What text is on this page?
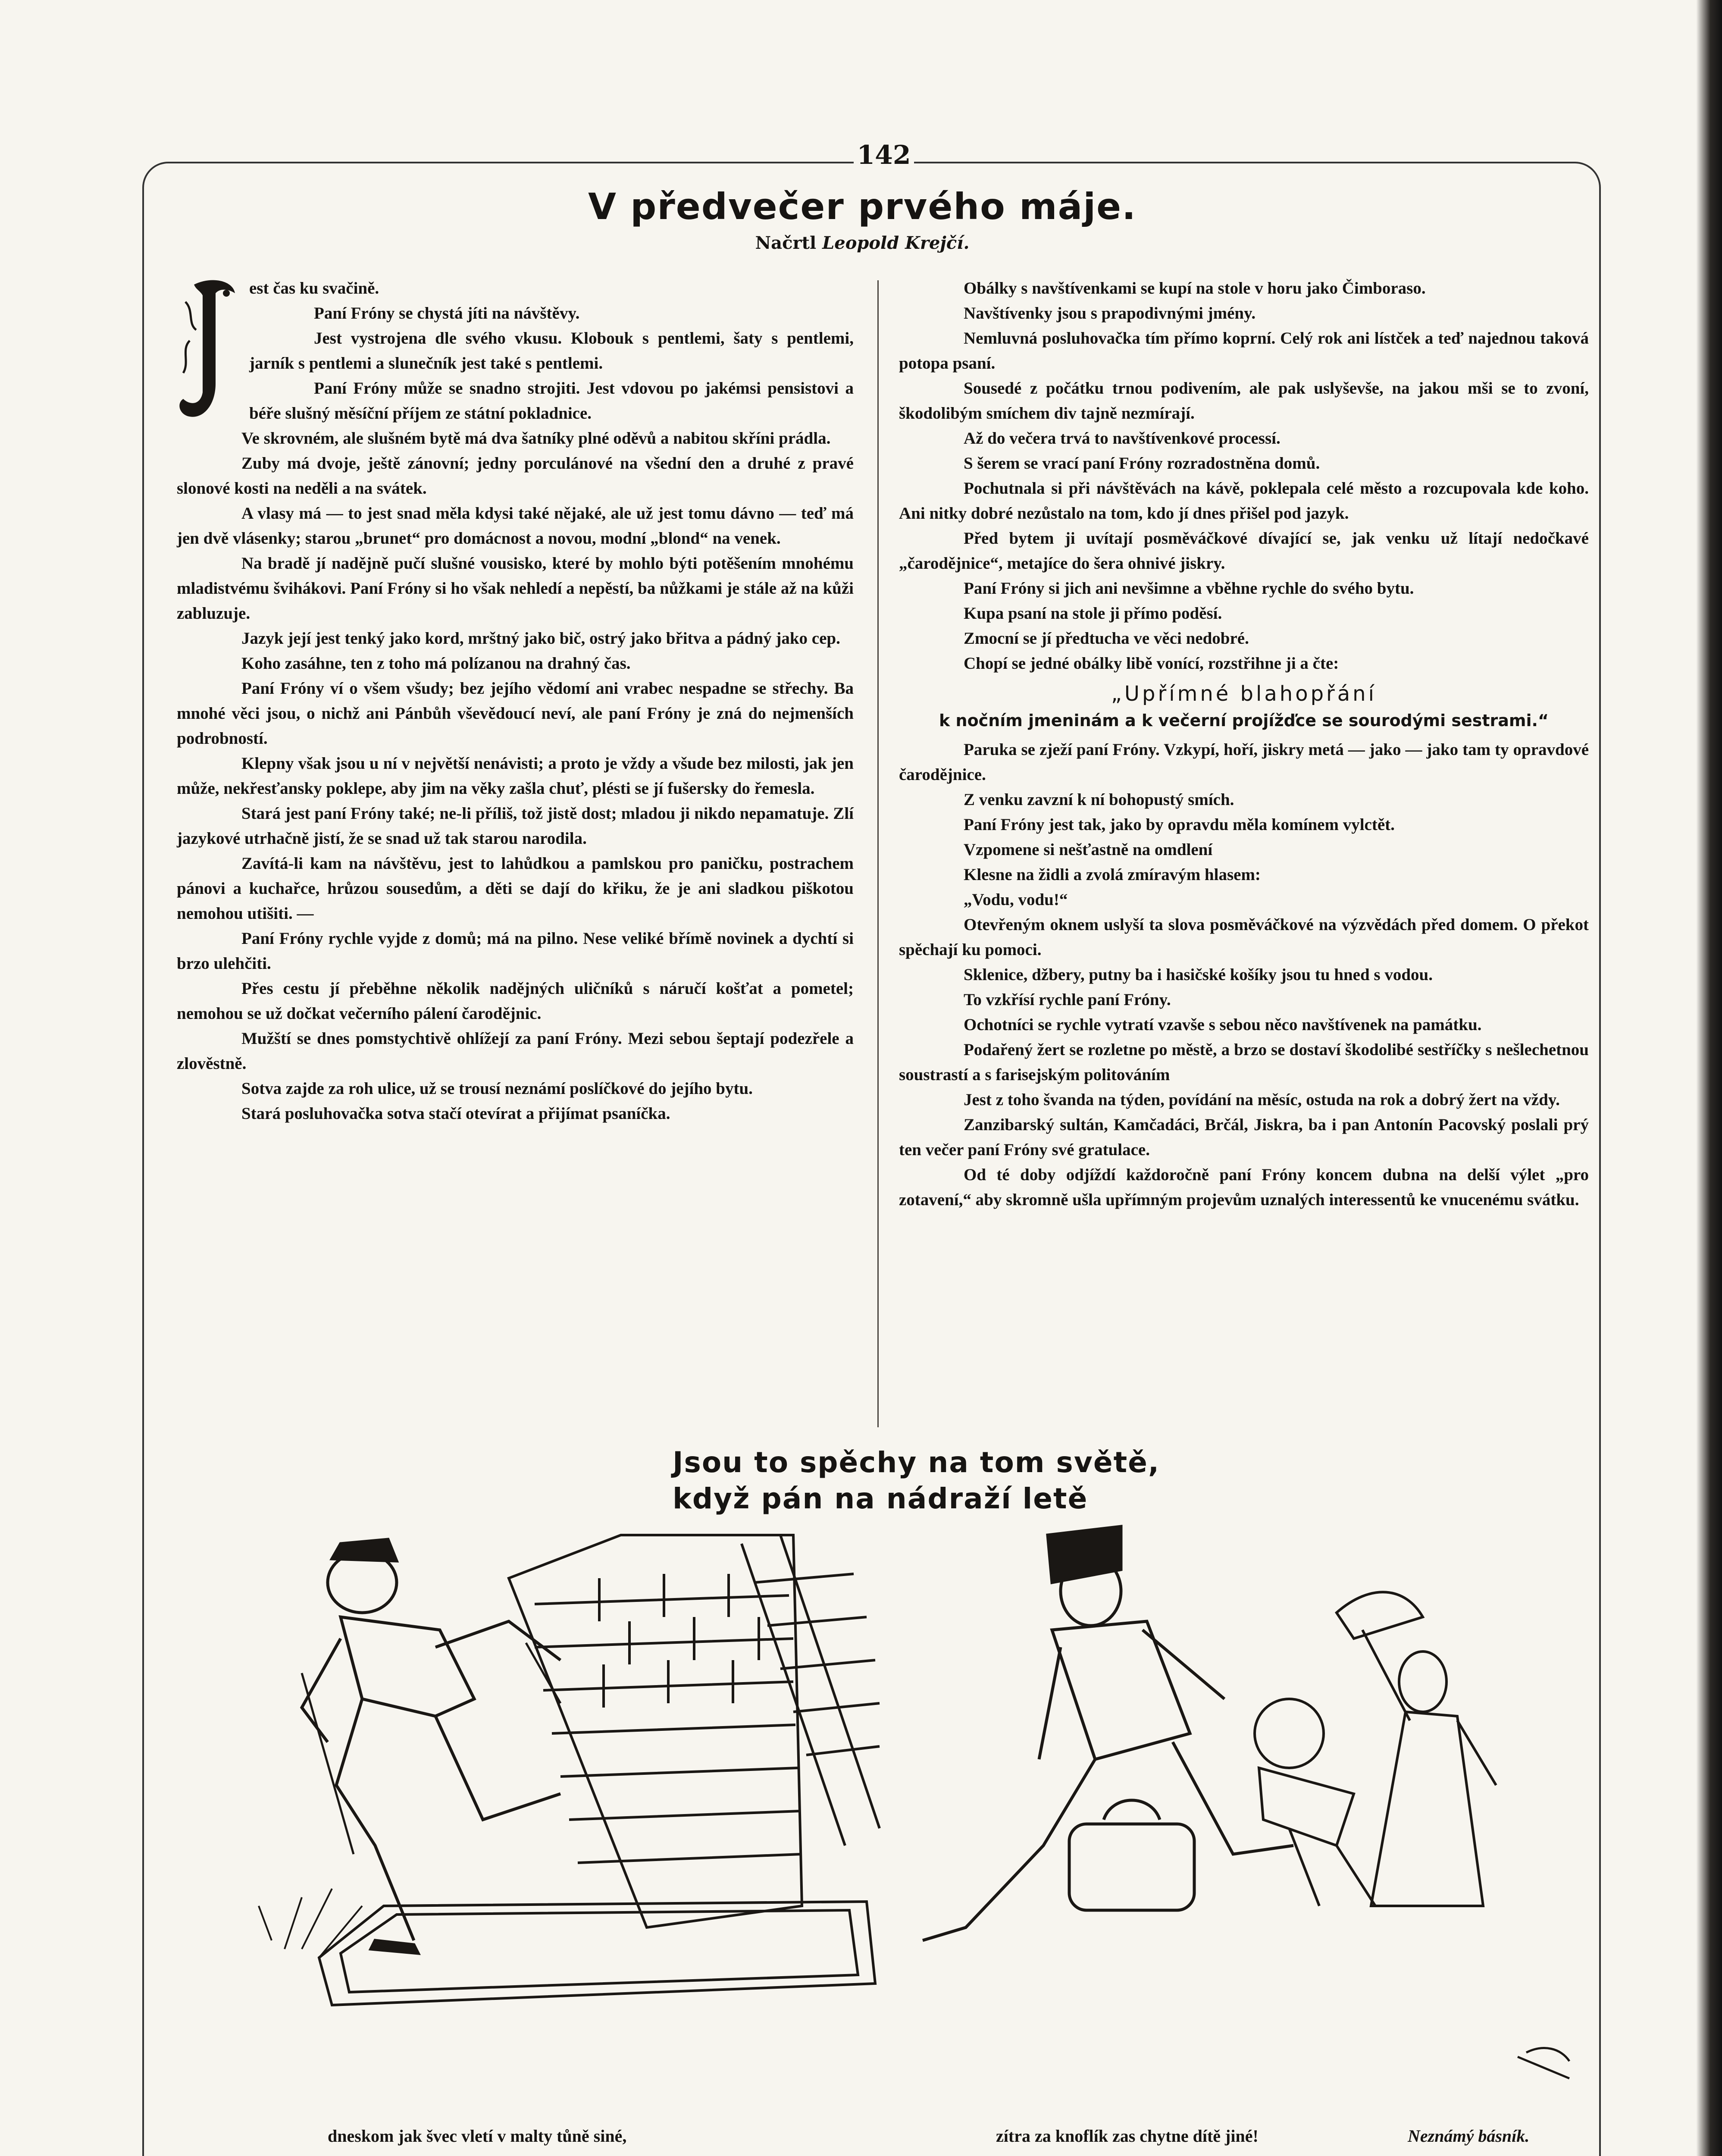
142
V předvečer prvého máje.
Načrtl Leopold Krejčí.

est čas ku svačině.

Paní Fróny se chystá jíti na návštěvy.

Jest vystrojena dle svého vkusu. Klobouk s pentlemi, šaty s pentlemi, jarník s pentlemi a slunečník jest také s pentlemi.

Paní Fróny může se snadno strojiti. Jest vdovou po jakémsi pensistovi a béře slušný měsíční příjem ze státní pokladnice.

Ve skrovném, ale slušném bytě má dva šatníky plné oděvů a nabitou skříni prádla.

Zuby má dvoje, ještě zánovní; jedny porculánové na všední den a druhé z pravé slonové kosti na neděli a na svátek.

A vlasy má — to jest snad měla kdysi také nějaké, ale už jest tomu dávno — teď má jen dvě vlásenky; starou „brunet“ pro domácnost a novou, modní „blond“ na venek.

Na bradě jí nadějně pučí slušné vousisko, které by mohlo býti potěšením mnohému mladistvému švihákovi. Paní Fróny si ho však nehledí a nepěstí, ba nůžkami je stále až na kůži zabluzuje.

Jazyk její jest tenký jako kord, mrštný jako bič, ostrý jako břitva a pádný jako cep.

Koho zasáhne, ten z toho má polízanou na drahný čas.

Paní Fróny ví o všem všudy; bez jejího vědomí ani vrabec nespadne se střechy. Ba mnohé věci jsou, o nichž ani Pánbůh vševědoucí neví, ale paní Fróny je zná do nejmenších podrobností.

Klepny však jsou u ní v největší nenávisti; a proto je vždy a všude bez milosti, jak jen může, nekřesťansky poklepe, aby jim na věky zašla chuť, plésti se jí fušersky do řemesla.

Stará jest paní Fróny také; ne-li příliš, tož jistě dost; mladou ji nikdo nepamatuje. Zlí jazykové utrhačně jistí, že se snad už tak starou narodila.

Zavítá-li kam na návštěvu, jest to lahůdkou a pamlskou pro paničku, postrachem pánovi a kuchařce, hrůzou sousedům, a děti se dají do křiku, že je ani sladkou piškotou nemohou utišiti. —

Paní Fróny rychle vyjde z domů; má na pilno. Nese veliké břímě novinek a dychtí si brzo ulehčiti.

Přes cestu jí přeběhne několik nadějných uličníků s náručí košťat a pometel; nemohou se už dočkat večerního pálení čarodějnic.

Mužští se dnes pomstychtivě ohlížejí za paní Fróny. Mezi sebou šeptají podezřele a zlověstně.

Sotva zajde za roh ulice, už se trousí neznámí poslíčkové do jejího bytu.

Stará posluhovačka sotva stačí otevírat a přijímat psaníčka.

Obálky s navštívenkami se kupí na stole v horu jako Čimboraso.

Navštívenky jsou s prapodivnými jmény.

Nemluvná posluhovačka tím přímo koprní. Celý rok ani lístček a teď najednou taková potopa psaní.

Sousedé z počátku trnou podivením, ale pak uslyševše, na jakou mši se to zvoní, škodolibým smíchem div tajně nezmírají.

Až do večera trvá to navštívenkové processí.

S šerem se vrací paní Fróny rozradostněna domů.

Pochutnala si při návštěvách na kávě, poklepala celé město a rozcupovala kde koho. Ani nitky dobré nezůstalo na tom, kdo jí dnes přišel pod jazyk.

Před bytem ji uvítají posměváčkové dívající se, jak venku už lítají nedočkavé „čarodějnice“, metajíce do šera ohnivé jiskry.

Paní Fróny si jich ani nevšimne a vběhne rychle do svého bytu.

Kupa psaní na stole ji přímo poděsí.

Zmocní se jí předtucha ve věci nedobré.

Chopí se jedné obálky libě vonící, rozstřihne ji a čte:

„Upřímné blahopřání
k nočním jmeninám a k večerní projížďce se sourodými sestrami.“

Paruka se zježí paní Fróny. Vzkypí, hoří, jiskry metá — jako — jako tam ty opravdové čarodějnice.

Z venku zavzní k ní bohopustý smích.

Paní Fróny jest tak, jako by opravdu měla komínem vylctět.

Vzpomene si nešťastně na omdlení

Klesne na židli a zvolá zmíravým hlasem:

„Vodu, vodu!“

Otevřeným oknem uslyší ta slova posměváčkové na výzvědách před domem. O překot spěchají ku pomoci.

Sklenice, džbery, putny ba i hasičské košíky jsou tu hned s vodou.

To vzkřísí rychle paní Fróny.

Ochotníci se rychle vytratí vzavše s sebou něco navštívenek na památku.

Podařený žert se rozletne po městě, a brzo se dostaví škodolibé sestříčky s nešlechetnou soustrastí a s farisejským politováním

Jest z toho švanda na týden, povídání na měsíc, ostuda na rok a dobrý žert na vždy.

Zanzibarský sultán, Kamčadáci, Brčál, Jiskra, ba i pan Antonín Pacovský poslali prý ten večer paní Fróny své gratulace.

Od té doby odjíždí každoročně paní Fróny koncem dubna na delší výlet „pro zotavení,“ aby skromně ušla upřímným projevům uznalých interessentů ke vnucenému svátku.

Jsou to spěchy na tom světě,
když pán na nádraží letě
dneskom jak švec vletí v malty tůně siné,	zítra za knoflík zas chytne dítě jiné!	Neznámý básník.
